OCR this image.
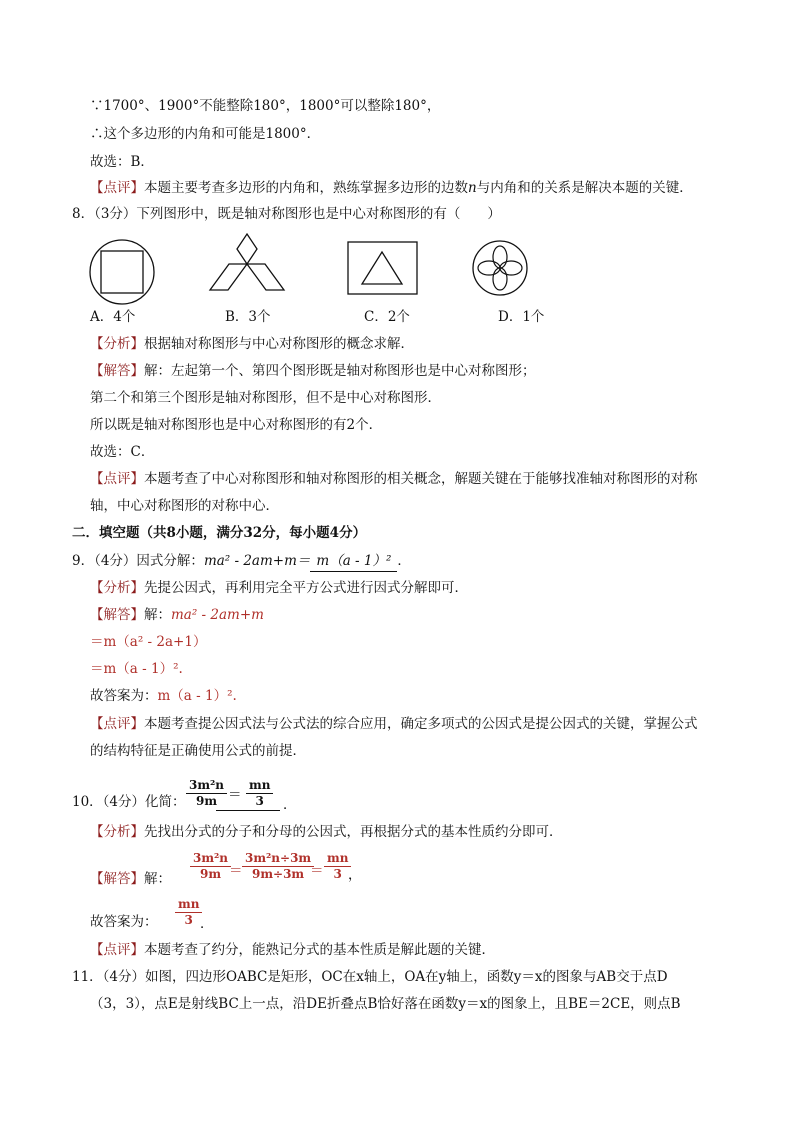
∵1700°、1900°不能整除180°，1800°可以整除180°，
∴这个多边形的内角和可能是1800°．
故选：B．
【点评】本题主要考查多边形的内角和，熟练掌握多边形的边数n与内角和的关系是解决本题的关键．
8．（3分）下列图形中，既是轴对称图形也是中心对称图形的有（　　）
A．4个	B．3个	C．2个	D．1个
【分析】根据轴对称图形与中心对称图形的概念求解．
【解答】解：左起第一个、第四个图形既是轴对称图形也是中心对称图形；
第二个和第三个图形是轴对称图形，但不是中心对称图形．
所以既是轴对称图形也是中心对称图形的有2个．
故选：C．
【点评】本题考查了中心对称图形和轴对称图形的相关概念，解题关键在于能够找准轴对称图形的对称
轴，中心对称图形的对称中心．
二．填空题（共8小题，满分32分，每小题4分）
9．（4分）因式分解：ma² - 2am+m＝ m（a - 1）² ．
【分析】先提公因式，再利用完全平方公式进行因式分解即可．
【解答】解：ma² - 2am+m
＝m（a² - 2a+1）
＝m（a - 1）².
故答案为：m（a - 1）².
【点评】本题考查提公因式法与公式法的综合应用，确定多项式的公因式是提公因式的关键，掌握公式
的结构特征是正确使用公式的前提．
10．（4分）化简： $\frac{\text{3m²n}}{9m} = \frac{mn}{3}$ ．
【分析】先找出分式的分子和分母的公因式，再根据分式的基本性质约分即可．
【解答】解： $\frac{\text{3m²n}}{9m}$
＝ $\frac{\text{3m²n÷3m}}{9m\div 3m}$
＝ $\frac{mn}{3}$
，
故答案为： $\frac{mn}{3}$
．
【点评】本题考查了约分，能熟记分式的基本性质是解此题的关键．
11．（4分）如图，四边形OABC是矩形，OC在x轴上，OA在y轴上，函数y＝x的图象与AB交于点D
（3，3），点E是射线BC上一点，沿DE折叠点B恰好落在函数y＝x的图象上，且BE＝2CE，则点B
